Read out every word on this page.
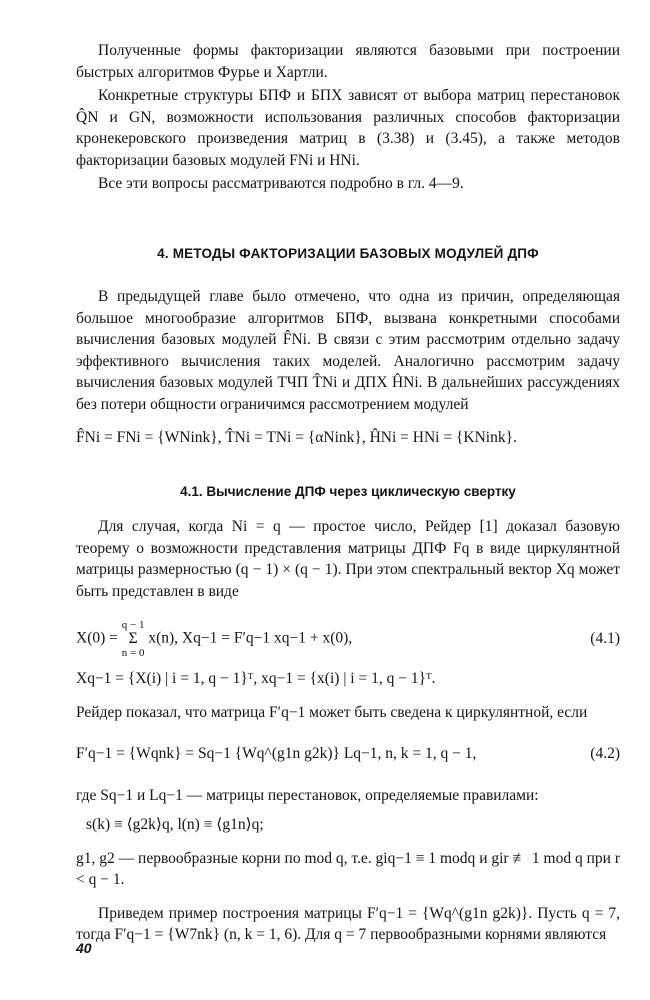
Полученные формы факторизации являются базовыми при построении быстрых алгоритмов Фурье и Хартли.

Конкретные структуры БПФ и БПХ зависят от выбора матриц перестановок Q̂N и GN, возможности использования различных способов факторизации кронекеровского произведения матриц в (3.38) и (3.45), а также методов факторизации базовых модулей FNi и HNi.

Все эти вопросы рассматриваются подробно в гл. 4—9.

4. МЕТОДЫ ФАКТОРИЗАЦИИ БАЗОВЫХ МОДУЛЕЙ ДПФ

В предыдущей главе было отмечено, что одна из причин, определяющая большое многообразие алгоритмов БПФ, вызвана конкретными способами вычисления базовых модулей F̂Ni. В связи с этим рассмотрим отдельно задачу эффективного вычисления таких моделей. Аналогично рассмотрим задачу вычисления базовых модулей ТЧП T̂Ni и ДПХ ĤNi. В дальнейших рассуждениях без потери общности ограничимся рассмотрением модулей

F̂Ni = FNi = {WNink}, T̂Ni = TNi = {αNink}, ĤNi = HNi = {KNink}.
4.1. Вычисление ДПФ через циклическую свертку

Для случая, когда Ni = q — простое число, Рейдер [1] доказал базовую теорему о возможности представления матрицы ДПФ Fq в виде циркулянтной матрицы размерностью (q − 1) × (q − 1). При этом спектральный вектор Xq может быть представлен в виде

X(0) =
q − 1
Σ
n = 0
x(n), Xq−1 = F′q−1 xq−1 + x(0),	(4.1)
Xq−1 = {X(i) | i = 1, q − 1}ᵀ, xq−1 = {x(i) | i = 1, q − 1}ᵀ.

Рейдер показал, что матрица F′q−1 может быть сведена к циркулянтной, если

F′q−1 = {Wqnk} = Sq−1 {Wq^(g1n g2k)} Lq−1, n, k = 1, q − 1,	(4.2)

где Sq−1 и Lq−1 — матрицы перестановок, определяемые правилами:

s(k) ≡ ⟨g2k⟩q, l(n) ≡ ⟨g1n⟩q;

g1, g2 — первообразные корни по mod q, т.е. giq−1 ≡ 1 modq и gir ≢ 1 mod q при r < q − 1.

Приведем пример построения матрицы F′q−1 = {Wq^(g1n g2k)}. Пусть q = 7, тогда F′q−1 = {W7nk} (n, k = 1, 6). Для q = 7 первообразными корнями являются

40
